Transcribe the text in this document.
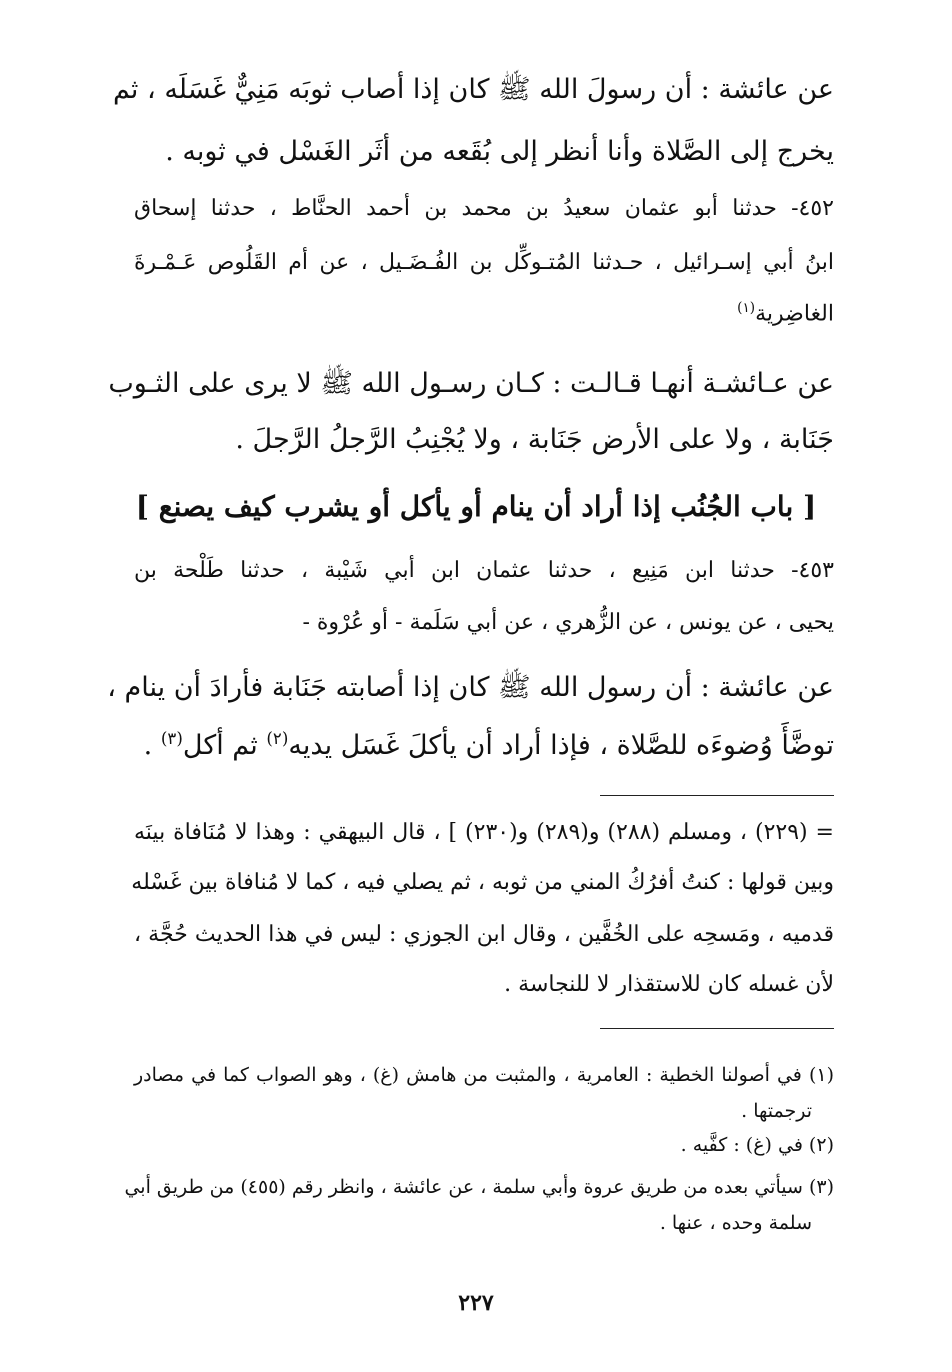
عن عائشة : أن رسولَ الله ﷺ كان إذا أصاب ثوبَه مَنِيٌّ غَسَلَه ، ثم
يخرج إلى الصَّلاة وأنا أنظر إلى بُقَعه من أثَر الغَسْل في ثوبه .
٤٥٢- حدثنا أبو عثمان سعيدُ بن محمد بن أحمد الحنَّاط ، حدثنا إسحاق
ابنُ أبي إسـرائيل ، حـدثنا المُتـوكِّل بن الفُـضَـيل ، عن أم القَلُوص عَـمْـرةَ
الغاضِرية$^{(١)}$
عن عـائشـة أنهـا قـالـت : كـان رسـول الله ﷺ لا يرى على الثـوب
جَنَابة ، ولا على الأرض جَنَابة ، ولا يُجْنِبُ الرَّجلُ الرَّجلَ .
[ باب الجُنُب إذا أراد أن ينام أو يأكل أو يشرب كيف يصنع ]
٤٥٣- حدثنا ابن مَنِيع ، حدثنا عثمان ابن أبي شَيْبة ، حدثنا طَلْحة بن
يحيى ، عن يونس ، عن الزُّهري ، عن أبي سَلَمة - أو عُرْوة -
عن عائشة : أن رسول الله ﷺ كان إذا أصابته جَنَابة فأرادَ أن ينام ،
توضَّأَ وُضوءَه للصَّلاة ، فإذا أراد أن يأكلَ غَسَل يديه$^{(٢)}$ ثم أكل$^{(٣)}$ .
= (٢٢٩) ، ومسلم (٢٨٨) و(٢٨٩) و(٢٣٠) ] ، قال البيهقي : وهذا لا مُنَافاة بينَه
وبين قولها : كنتُ أفرُكُ المني من ثوبه ، ثم يصلي فيه ، كما لا مُنافاة بين غَسْله
قدميه ، ومَسحِه على الخُفَّين ، وقال ابن الجوزي : ليس في هذا الحديث حُجَّة ،
لأن غسله كان للاستقذار لا للنجاسة .
(١) في أصولنا الخطية : العامرية ، والمثبت من هامش (غ) ، وهو الصواب كما في مصادر
ترجمتها .
(٢) في (غ) : كفَّيه .
(٣) سيأتي بعده من طريق عروة وأبي سلمة ، عن عائشة ، وانظر رقم (٤٥٥) من طريق أبي
سلمة وحده ، عنها .
٢٢٧
